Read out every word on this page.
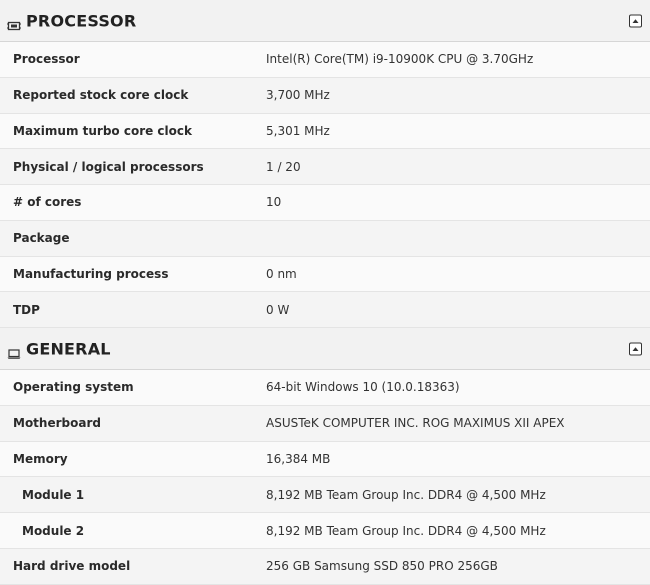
PROCESSOR
Processor	Intel(R) Core(TM) i9-10900K CPU @ 3.70GHz
Reported stock core clock	3,700 MHz
Maximum turbo core clock	5,301 MHz
Physical / logical processors	1 / 20
# of cores	10
Package
Manufacturing process	0 nm
TDP	0 W
GENERAL
Operating system	64-bit Windows 10 (10.0.18363)
Motherboard	ASUSTeK COMPUTER INC. ROG MAXIMUS XII APEX
Memory	16,384 MB
Module 1	8,192 MB Team Group Inc. DDR4 @ 4,500 MHz
Module 2	8,192 MB Team Group Inc. DDR4 @ 4,500 MHz
Hard drive model	256 GB Samsung SSD 850 PRO 256GB
